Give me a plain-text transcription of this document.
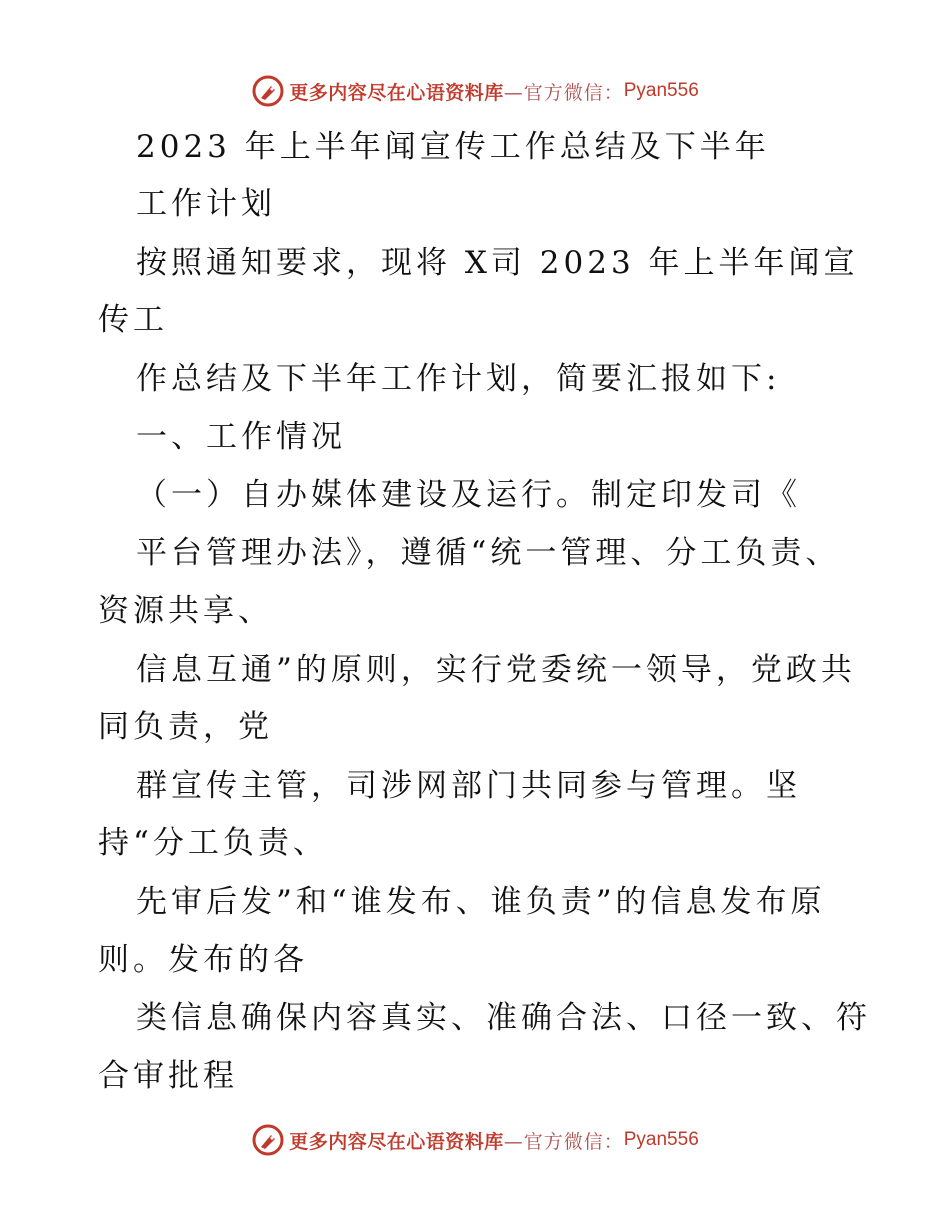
更多内容尽在心语资料库 —官方微信： Pyan556
2023 年上半年闻宣传工作总结及下半年
工作计划
按照通知要求，现将 X司 2023 年上半年闻宣
传工
作总结及下半年工作计划，简要汇报如下:
一、工作情况
（一）自办媒体建设及运行。制定印发司《
平台管理办法》，遵循“统一管理、分工负责、
资源共享、
信息互通”的原则，实行党委统一领导，党政共
同负责，党
群宣传主管，司涉网部门共同参与管理。坚
持“分工负责、
先审后发”和“谁发布、谁负责”的信息发布原
则。发布的各
类信息确保内容真实、准确合法、口径一致、符
合审批程
更多内容尽在心语资料库 —官方微信： Pyan556
